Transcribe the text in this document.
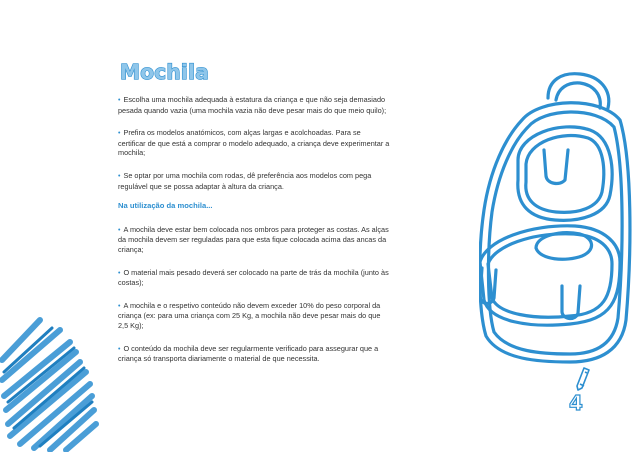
Mochila

• Escolha uma mochila adequada à estatura da criança e que não seja demasiado pesada quando vazia (uma mochila vazia não deve pesar mais do que meio quilo);

• Prefira os modelos anatómicos, com alças largas e acolchoadas. Para se certificar de que está a comprar o modelo adequado, a criança deve experimentar a mochila;

• Se optar por uma mochila com rodas, dê preferência aos modelos com pega regulável que se possa adaptar à altura da criança.

Na utilização da mochila...

• A mochila deve estar bem colocada nos ombros para proteger as costas. As alças da mochila devem ser reguladas para que esta fique colocada acima das ancas da criança;

• O material mais pesado deverá ser colocado na parte de trás da mochila (junto às costas);

• A mochila e o respetivo conteúdo não devem exceder 10% do peso corporal da criança (ex: para uma criança com 25 Kg, a mochila não deve pesar mais do que 2,5 Kg);

• O conteúdo da mochila deve ser regularmente verificado para assegurar que a criança só transporta diariamente o material de que necessita.

4
